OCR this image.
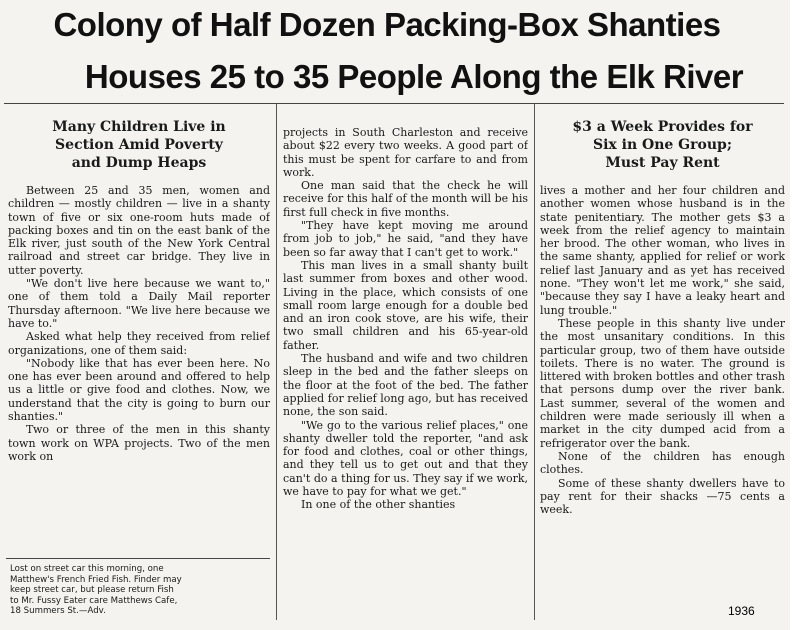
Colony of Half Dozen Packing-Box Shanties
Houses 25 to 35 People Along the Elk River
Many Children Live in
Section Amid Poverty
and Dump Heaps

Between 25 and 35 men, women and children — mostly children — live in a shanty town of five or six one-room huts made of packing boxes and tin on the east bank of the Elk river, just south of the New York Central railroad and street car bridge. They live in utter poverty.

"We don't live here because we want to," one of them told a Daily Mail reporter Thursday afternoon. "We live here because we have to."

Asked what help they received from relief organizations, one of them said:

"Nobody like that has ever been here. No one has ever been around and offered to help us a little or give food and clothes. Now, we understand that the city is going to burn our shanties."

Two or three of the men in this shanty town work on WPA projects. Two of the men work on

Lost on street car this morning, one
Matthew's French Fried Fish. Finder may
keep street car, but please return Fish
to Mr. Fussy Eater care Matthews Cafe,
18 Summers St.—Adv.

projects in South Charleston and receive about $22 every two weeks. A good part of this must be spent for carfare to and from work.

One man said that the check he will receive for this half of the month will be his first full check in five months.

"They have kept moving me around from job to job," he said, "and they have been so far away that I can't get to work."

This man lives in a small shanty built last summer from boxes and other wood. Living in the place, which consists of one small room large enough for a double bed and an iron cook stove, are his wife, their two small children and his 65-year-old father.

The husband and wife and two children sleep in the bed and the father sleeps on the floor at the foot of the bed. The father applied for relief long ago, but has received none, the son said.

"We go to the various relief places," one shanty dweller told the reporter, "and ask for food and clothes, coal or other things, and they tell us to get out and that they can't do a thing for us. They say if we work, we have to pay for what we get."

In one of the other shanties

$3 a Week Provides for
Six in One Group;
Must Pay Rent

lives a mother and her four children and another women whose husband is in the state penitentiary. The mother gets $3 a week from the relief agency to maintain her brood. The other woman, who lives in the same shanty, applied for relief or work relief last January and as yet has received none. "They won't let me work," she said, "because they say I have a leaky heart and lung trouble."

These people in this shanty live under the most unsanitary conditions. In this particular group, two of them have outside toilets. There is no water. The ground is littered with broken bottles and other trash that persons dump over the river bank. Last summer, several of the women and children were made seriously ill when a market in the city dumped acid from a refrigerator over the bank.

None of the children has enough clothes.

Some of these shanty dwellers have to pay rent for their shacks —75 cents a week.

1936
